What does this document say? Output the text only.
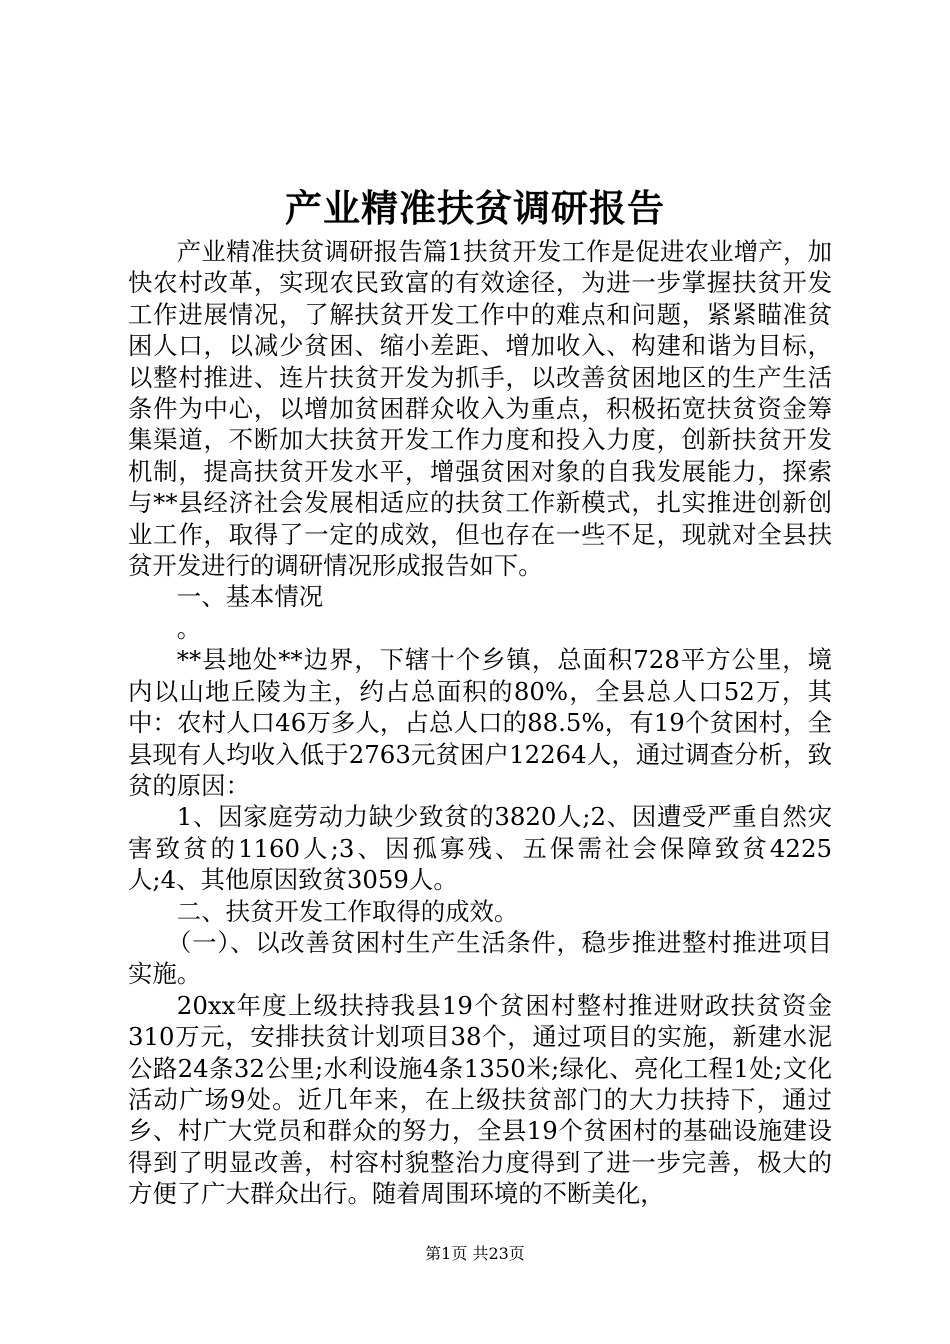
产业精准扶贫调研报告

产业精准扶贫调研报告篇1扶贫开发工作是促进农业增产，加快农村改革，实现农民致富的有效途径，为进一步掌握扶贫开发工作进展情况，了解扶贫开发工作中的难点和问题，紧紧瞄准贫困人口，以减少贫困、缩小差距、增加收入、构建和谐为目标，以整村推进、连片扶贫开发为抓手，以改善贫困地区的生产生活条件为中心，以增加贫困群众收入为重点，积极拓宽扶贫资金筹集渠道，不断加大扶贫开发工作力度和投入力度，创新扶贫开发机制，提高扶贫开发水平，增强贫困对象的自我发展能力，探索与**县经济社会发展相适应的扶贫工作新模式，扎实推进创新创业工作，取得了一定的成效，但也存在一些不足，现就对全县扶贫开发进行的调研情况形成报告如下。

一、基本情况

。

**县地处**边界，下辖十个乡镇，总面积728平方公里，境内以山地丘陵为主，约占总面积的80%，全县总人口52万，其中：农村人口46万多人，占总人口的88.5%，有19个贫困村，全县现有人均收入低于2763元贫困户12264人，通过调查分析，致贫的原因：

1、因家庭劳动力缺少致贫的3820人;2、因遭受严重自然灾害致贫的1160人;3、因孤寡残、五保需社会保障致贫4225人;4、其他原因致贫3059人。

二、扶贫开发工作取得的成效。

（一）、以改善贫困村生产生活条件，稳步推进整村推进项目实施。

20xx年度上级扶持我县19个贫困村整村推进财政扶贫资金310万元，安排扶贫计划项目38个，通过项目的实施，新建水泥公路24条32公里;水利设施4条1350米;绿化、亮化工程1处;文化活动广场9处。近几年来，在上级扶贫部门的大力扶持下，通过乡、村广大党员和群众的努力，全县19个贫困村的基础设施建设得到了明显改善，村容村貌整治力度得到了进一步完善，极大的方便了广大群众出行。随着周围环境的不断美化，

第1页 共23页
